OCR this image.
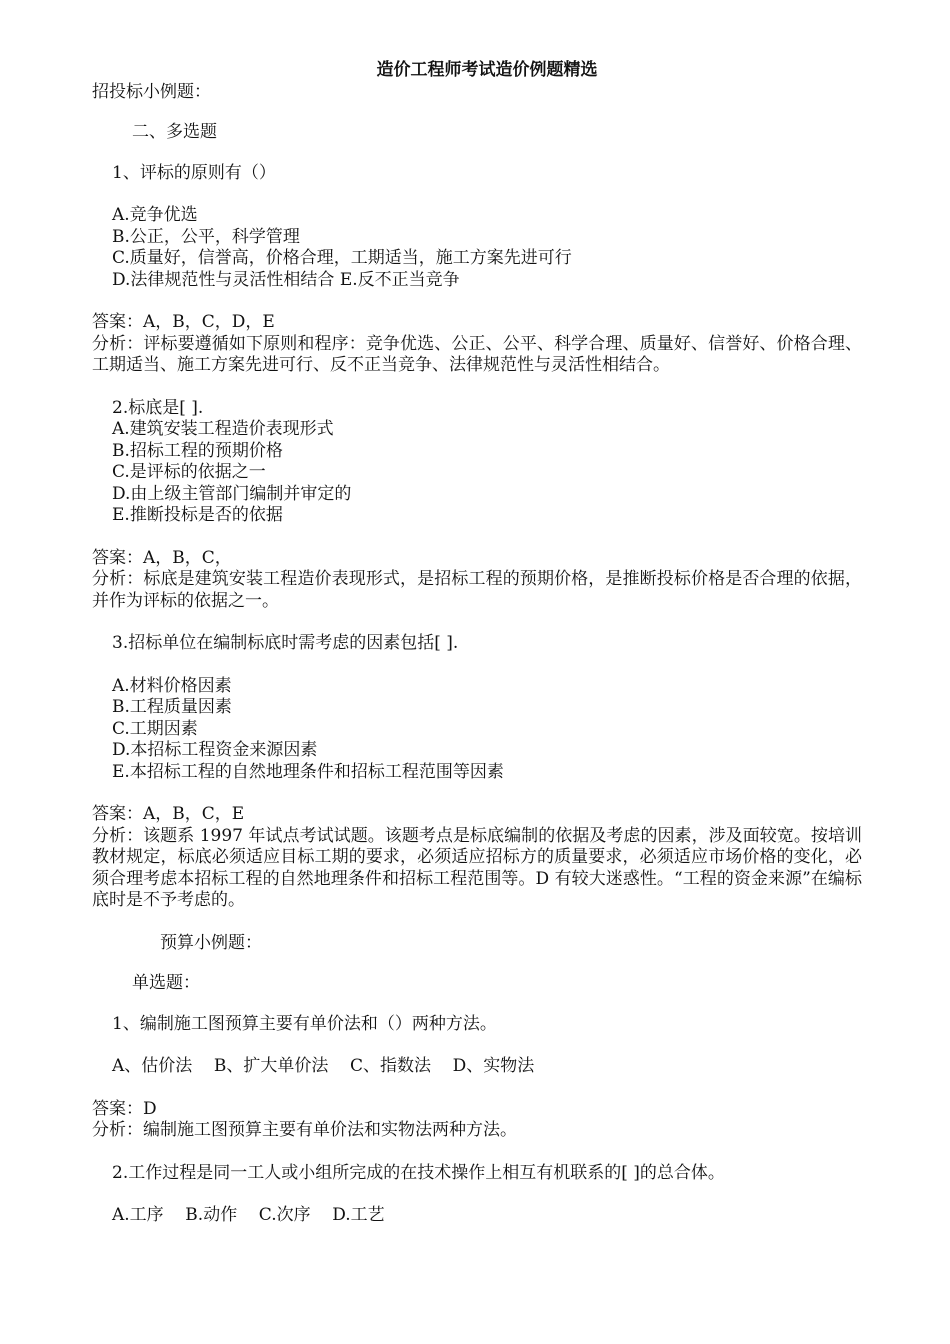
造价工程师考试造价例题精选
招投标小例题：
二、多选题
1、评标的原则有（）
A.竞争优选
B.公正，公平，科学管理
C.质量好，信誉高，价格合理，工期适当，施工方案先进可行
D.法律规范性与灵活性相结合 E.反不正当竞争
答案：A，B，C，D，E
分析：评标要遵循如下原则和程序：竞争优选、公正、公平、科学合理、质量好、信誉好、价格合理、工期适当、施工方案先进可行、反不正当竞争、法律规范性与灵活性相结合。
2.标底是[ ].
A.建筑安装工程造价表现形式
B.招标工程的预期价格
C.是评标的依据之一
D.由上级主管部门编制并审定的
E.推断投标是否的依据
答案：A，B，C，
分析：标底是建筑安装工程造价表现形式，是招标工程的预期价格，是推断投标价格是否合理的依据，并作为评标的依据之一。
3.招标单位在编制标底时需考虑的因素包括[ ].
A.材料价格因素
B.工程质量因素
C.工期因素
D.本招标工程资金来源因素
E.本招标工程的自然地理条件和招标工程范围等因素
答案：A，B，C，E
分析：该题系 1997 年试点考试试题。该题考点是标底编制的依据及考虑的因素，涉及面较宽。按培训教材规定，标底必须适应目标工期的要求，必须适应招标方的质量要求，必须适应市场价格的变化，必须合理考虑本招标工程的自然地理条件和招标工程范围等。D 有较大迷惑性。“工程的资金来源”在编标底时是不予考虑的。
预算小例题：
单选题：
1、编制施工图预算主要有单价法和（）两种方法。
A、估价法    B、扩大单价法    C、指数法    D、实物法
答案：D
分析：编制施工图预算主要有单价法和实物法两种方法。
2.工作过程是同一工人或小组所完成的在技术操作上相互有机联系的[ ]的总合体。
A.工序    B.动作    C.次序    D.工艺
